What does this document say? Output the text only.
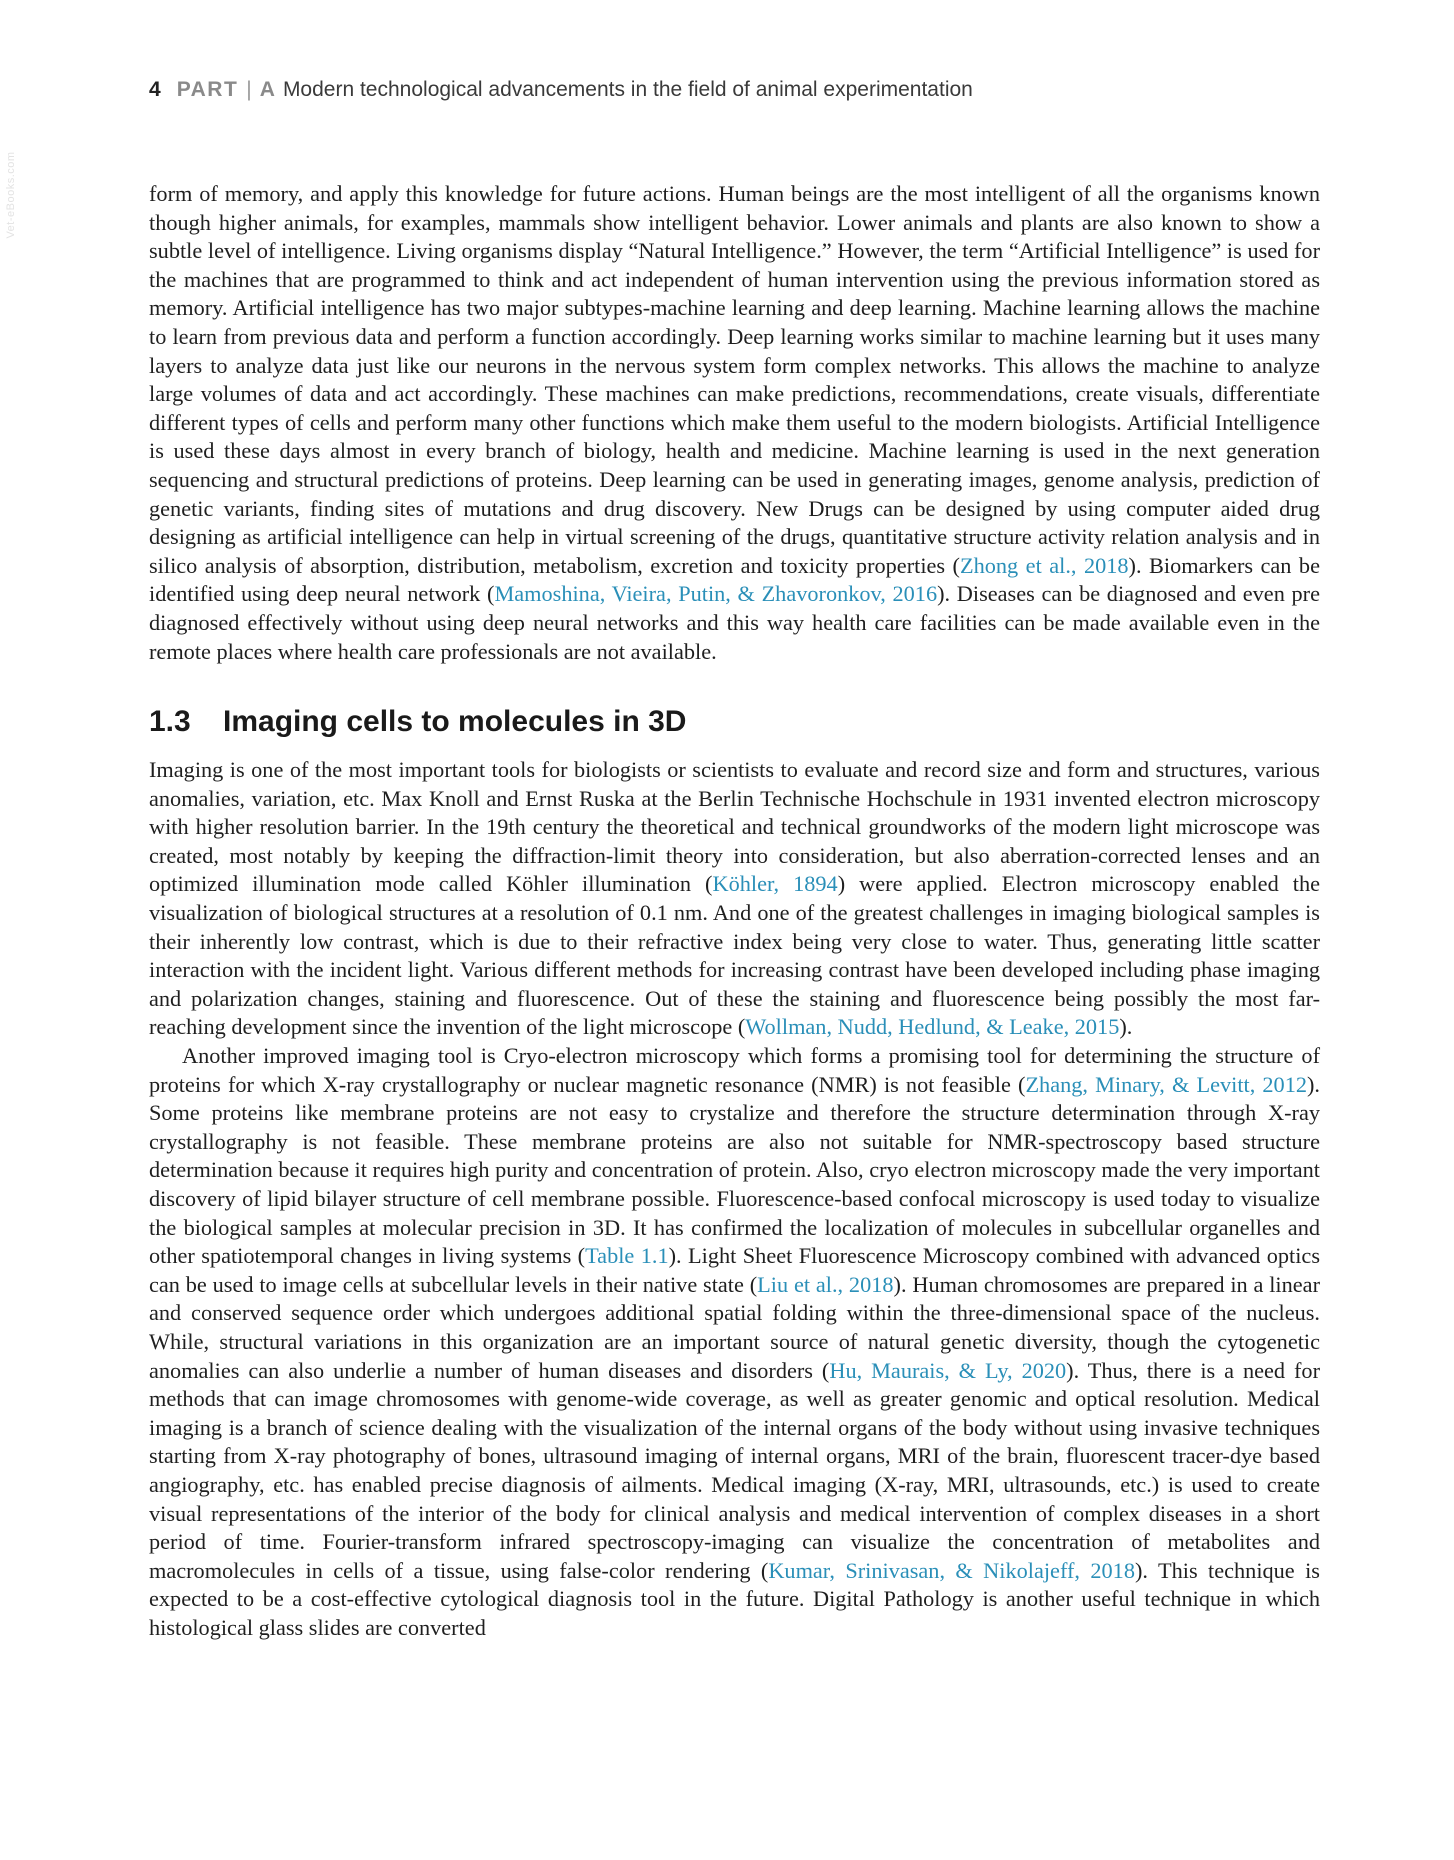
Vet-eBooks.com
4 PART | A Modern technological advancements in the field of animal experimentation

form of memory, and apply this knowledge for future actions. Human beings are the most intelligent of all the organisms known though higher animals, for examples, mammals show intelligent behavior. Lower animals and plants are also known to show a subtle level of intelligence. Living organisms display “Natural Intelligence.” However, the term “Artificial Intelligence” is used for the machines that are programmed to think and act independent of human intervention using the previous information stored as memory. Artificial intelligence has two major subtypes-machine learning and deep learning. Machine learning allows the machine to learn from previous data and perform a function accordingly. Deep learning works similar to machine learning but it uses many layers to analyze data just like our neurons in the nervous system form complex networks. This allows the machine to analyze large volumes of data and act accordingly. These machines can make predictions, recommendations, create visuals, differentiate different types of cells and perform many other functions which make them useful to the modern biologists. Artificial Intelligence is used these days almost in every branch of biology, health and medicine. Machine learning is used in the next generation sequencing and structural predictions of proteins. Deep learning can be used in generating images, genome analysis, prediction of genetic variants, finding sites of mutations and drug discovery. New Drugs can be designed by using computer aided drug designing as artificial intelligence can help in virtual screening of the drugs, quantitative structure activity relation analysis and in silico analysis of absorption, distribution, metabolism, excretion and toxicity properties (Zhong et al., 2018). Biomarkers can be identified using deep neural network (Mamoshina, Vieira, Putin, & Zhavoronkov, 2016). Diseases can be diagnosed and even pre diagnosed effectively without using deep neural networks and this way health care facilities can be made available even in the remote places where health care professionals are not available.

1.3 Imaging cells to molecules in 3D

Imaging is one of the most important tools for biologists or scientists to evaluate and record size and form and structures, various anomalies, variation, etc. Max Knoll and Ernst Ruska at the Berlin Technische Hochschule in 1931 invented electron microscopy with higher resolution barrier. In the 19th century the theoretical and technical groundworks of the modern light microscope was created, most notably by keeping the diffraction-limit theory into consideration, but also aberration-corrected lenses and an optimized illumination mode called Köhler illumination (Köhler, 1894) were applied. Electron microscopy enabled the visualization of biological structures at a resolution of 0.1 nm. And one of the greatest challenges in imaging biological samples is their inherently low contrast, which is due to their refractive index being very close to water. Thus, generating little scatter interaction with the incident light. Various different methods for increasing contrast have been developed including phase imaging and polarization changes, staining and fluorescence. Out of these the staining and fluorescence being possibly the most far-reaching development since the invention of the light microscope (Wollman, Nudd, Hedlund, & Leake, 2015).

Another improved imaging tool is Cryo-electron microscopy which forms a promising tool for determining the structure of proteins for which X-ray crystallography or nuclear magnetic resonance (NMR) is not feasible (Zhang, Minary, & Levitt, 2012). Some proteins like membrane proteins are not easy to crystalize and therefore the structure determination through X-ray crystallography is not feasible. These membrane proteins are also not suitable for NMR-spectroscopy based structure determination because it requires high purity and concentration of protein. Also, cryo electron microscopy made the very important discovery of lipid bilayer structure of cell membrane possible. Fluorescence-based confocal microscopy is used today to visualize the biological samples at molecular precision in 3D. It has confirmed the localization of molecules in subcellular organelles and other spatiotemporal changes in living systems (Table 1.1). Light Sheet Fluorescence Microscopy combined with advanced optics can be used to image cells at subcellular levels in their native state (Liu et al., 2018). Human chromosomes are prepared in a linear and conserved sequence order which undergoes additional spatial folding within the three-dimensional space of the nucleus. While, structural variations in this organization are an important source of natural genetic diversity, though the cytogenetic anomalies can also underlie a number of human diseases and disorders (Hu, Maurais, & Ly, 2020). Thus, there is a need for methods that can image chromosomes with genome-wide coverage, as well as greater genomic and optical resolution. Medical imaging is a branch of science dealing with the visualization of the internal organs of the body without using invasive techniques starting from X-ray photography of bones, ultrasound imaging of internal organs, MRI of the brain, fluorescent tracer-dye based angiography, etc. has enabled precise diagnosis of ailments. Medical imaging (X-ray, MRI, ultrasounds, etc.) is used to create visual representations of the interior of the body for clinical analysis and medical intervention of complex diseases in a short period of time. Fourier-transform infrared spectroscopy-imaging can visualize the concentration of metabolites and macromolecules in cells of a tissue, using false-color rendering (Kumar, Srinivasan, & Nikolajeff, 2018). This technique is expected to be a cost-effective cytological diagnosis tool in the future. Digital Pathology is another useful technique in which histological glass slides are converted
